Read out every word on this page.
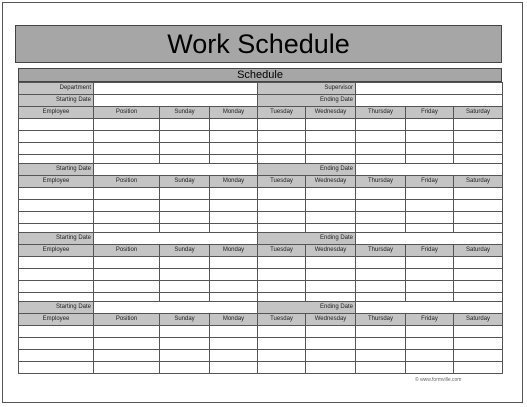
Work Schedule
Schedule
Department				Supervisor				
Starting Date				Ending Date				
Employee	Position	Sunday	Monday	Tuesday	Wednesday	Thursday	Friday	Saturday

Starting Date				Ending Date				
Employee	Position	Sunday	Monday	Tuesday	Wednesday	Thursday	Friday	Saturday

Starting Date				Ending Date				
Employee	Position	Sunday	Monday	Tuesday	Wednesday	Thursday	Friday	Saturday

Starting Date				Ending Date				
Employee	Position	Sunday	Monday	Tuesday	Wednesday	Thursday	Friday	Saturday

© www.formville.com
